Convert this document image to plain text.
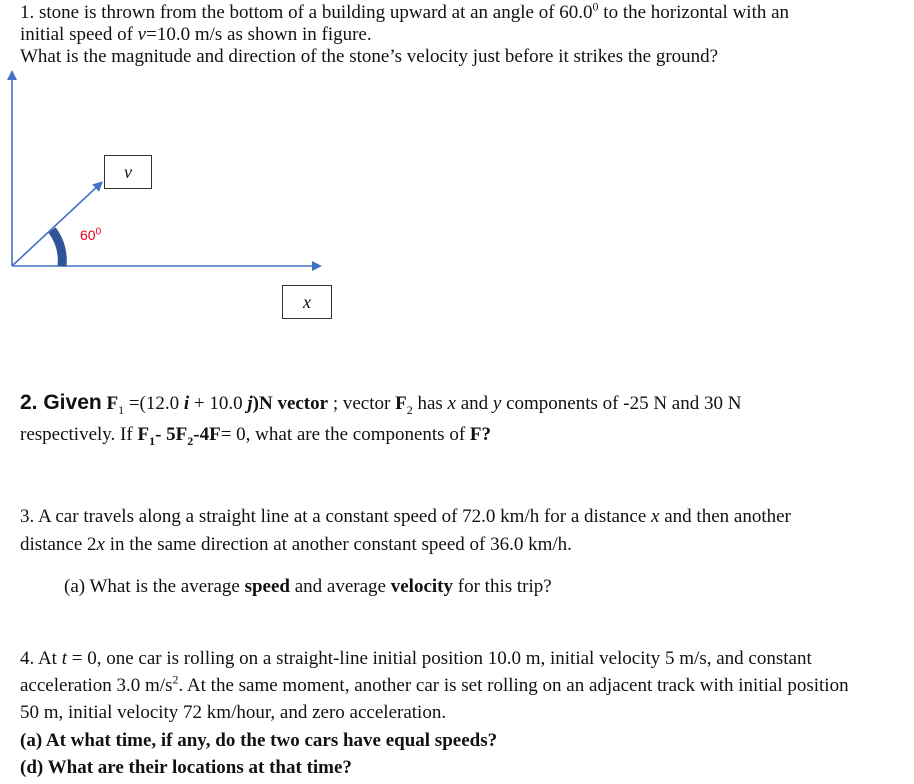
1. stone is thrown from the bottom of a building upward at an angle of 60.0$^0$ to the horizontal with an
initial speed of v=10.0 m/s as shown in figure.
What is the magnitude and direction of the stone’s velocity just before it strikes the ground?
$60^0$
v
x
2. Given $F_1 =(12.0$ i + 10.0 j)N vector ; vector $F_2$ has x and y components of -25 N and 30 N
respectively. If $F_1-$ $5F_2-4F= 0$, what are the components of F?
3. A car travels along a straight line at a constant speed of 72.0 km/h for a distance x and then another
distance 2x in the same direction at another constant speed of 36.0 km/h.
(a) What is the average speed and average velocity for this trip?
4. At t = 0, one car is rolling on a straight-line initial position 10.0 m, initial velocity 5 m/s, and constant
acceleration 3.0 $m/s^2$. At the same moment, another car is set rolling on an adjacent track with initial position
50 m, initial velocity 72 km/hour, and zero acceleration.
(a) At what time, if any, do the two cars have equal speeds?
(d) What are their locations at that time?
